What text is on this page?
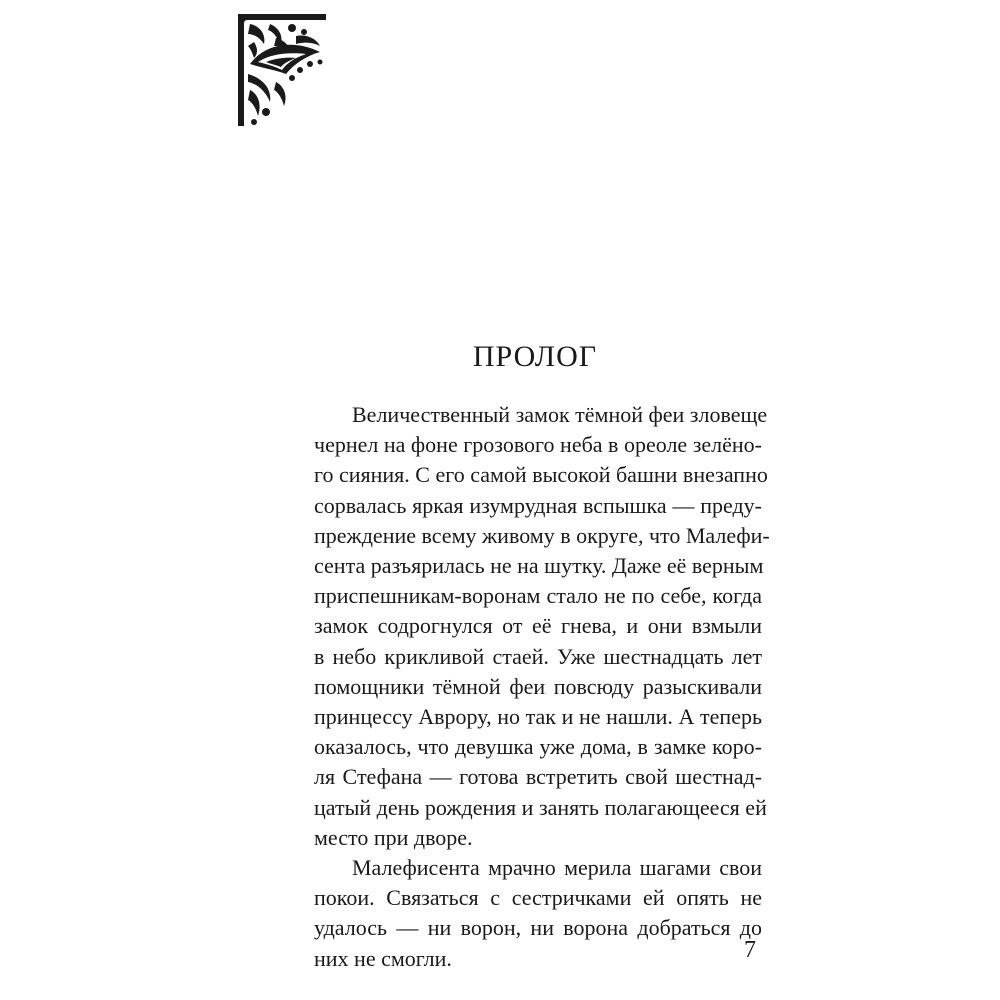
ПРОЛОГ

Величественный замок тёмной феи зловеще
чернел на фоне грозового неба в ореоле зелёно-
го сияния. С его самой высокой башни внезапно
сорвалась яркая изумрудная вспышка — преду-
преждение всему живому в округе, что Малефи-
сента разъярилась не на шутку. Даже её верным
приспешникам-воронам стало не по себе, когда
замок содрогнулся от её гнева, и они взмыли
в небо крикливой стаей. Уже шестнадцать лет
помощники тёмной феи повсюду разыскивали
принцессу Аврору, но так и не нашли. А теперь
оказалось, что девушка уже дома, в замке коро-
ля Стефана — готова встретить свой шестнад-
цатый день рождения и занять полагающееся ей
место при дворе.

Малефисента мрачно мерила шагами свои
покои. Связаться с сестричками ей опять не
удалось — ни ворон, ни ворона добраться до
них не смогли.	7
